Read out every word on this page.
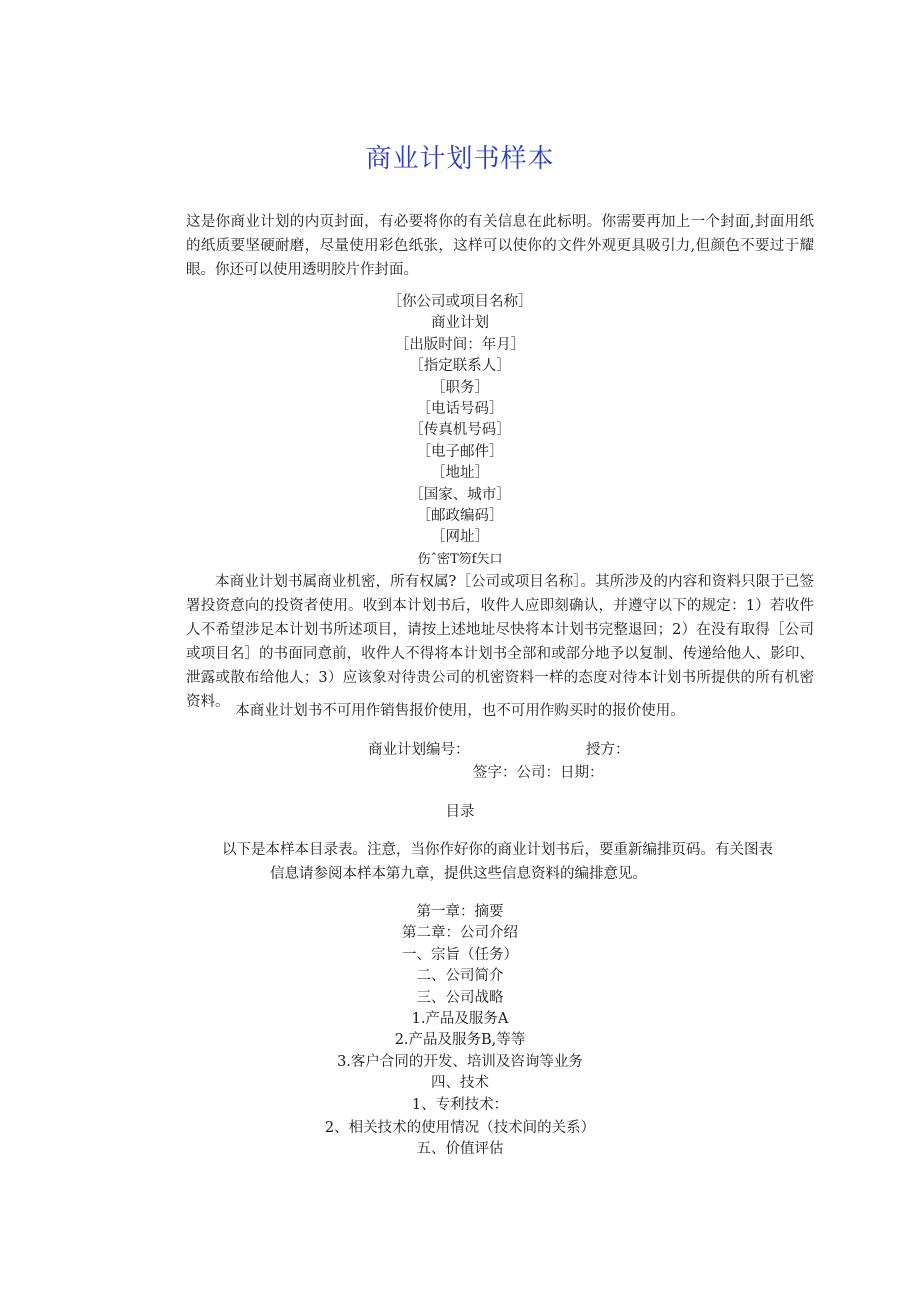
商业计划书样本
这是你商业计划的内页封面，有必要将你的有关信息在此标明。你需要再加上一个封面,封面用纸的纸质要坚硬耐磨，尽量使用彩色纸张，这样可以使你的文件外观更具吸引力,但颜色不要过于耀眼。你还可以使用透明胶片作封面。
［你公司或项目名称］
商业计划
［出版时间：年月］
［指定联系人］
［职务］
［电话号码］
［传真机号码］
［电子邮件］
［地址］
［国家、城市］
［邮政编码］
［网址］
伤ˆ密T笏f矢口
本商业计划书属商业机密，所有权属?［公司或项目名称］。其所涉及的内容和资料只限于已签署投资意向的投资者使用。收到本计划书后，收件人应即刻确认，并遵守以下的规定：1）若收件人不希望涉足本计划书所述项目，请按上述地址尽快将本计划书完整退回；2）在没有取得［公司或项目名］的书面同意前，收件人不得将本计划书全部和或部分地予以复制、传递给他人、影印、泄露或散布给他人；3）应该象对待贵公司的机密资料一样的态度对待本计划书所提供的所有机密资料。
本商业计划书不可用作销售报价使用，也不可用作购买时的报价使用。
商业计划编号：	授方：
签字：公司：日期：
目录
以下是本样本目录表。注意，当你作好你的商业计划书后，要重新编排页码。有关图表
信息请参阅本样本第九章，提供这些信息资料的编排意见。
第一章：摘要
第二章：公司介绍
一、宗旨（任务）
二、公司简介
三、公司战略
1.产品及服务A
2.产品及服务B,等等
3.客户合同的开发、培训及咨询等业务
四、技术
1、专利技术：
2、相关技术的使用情况（技术间的关系）
五、价值评估
